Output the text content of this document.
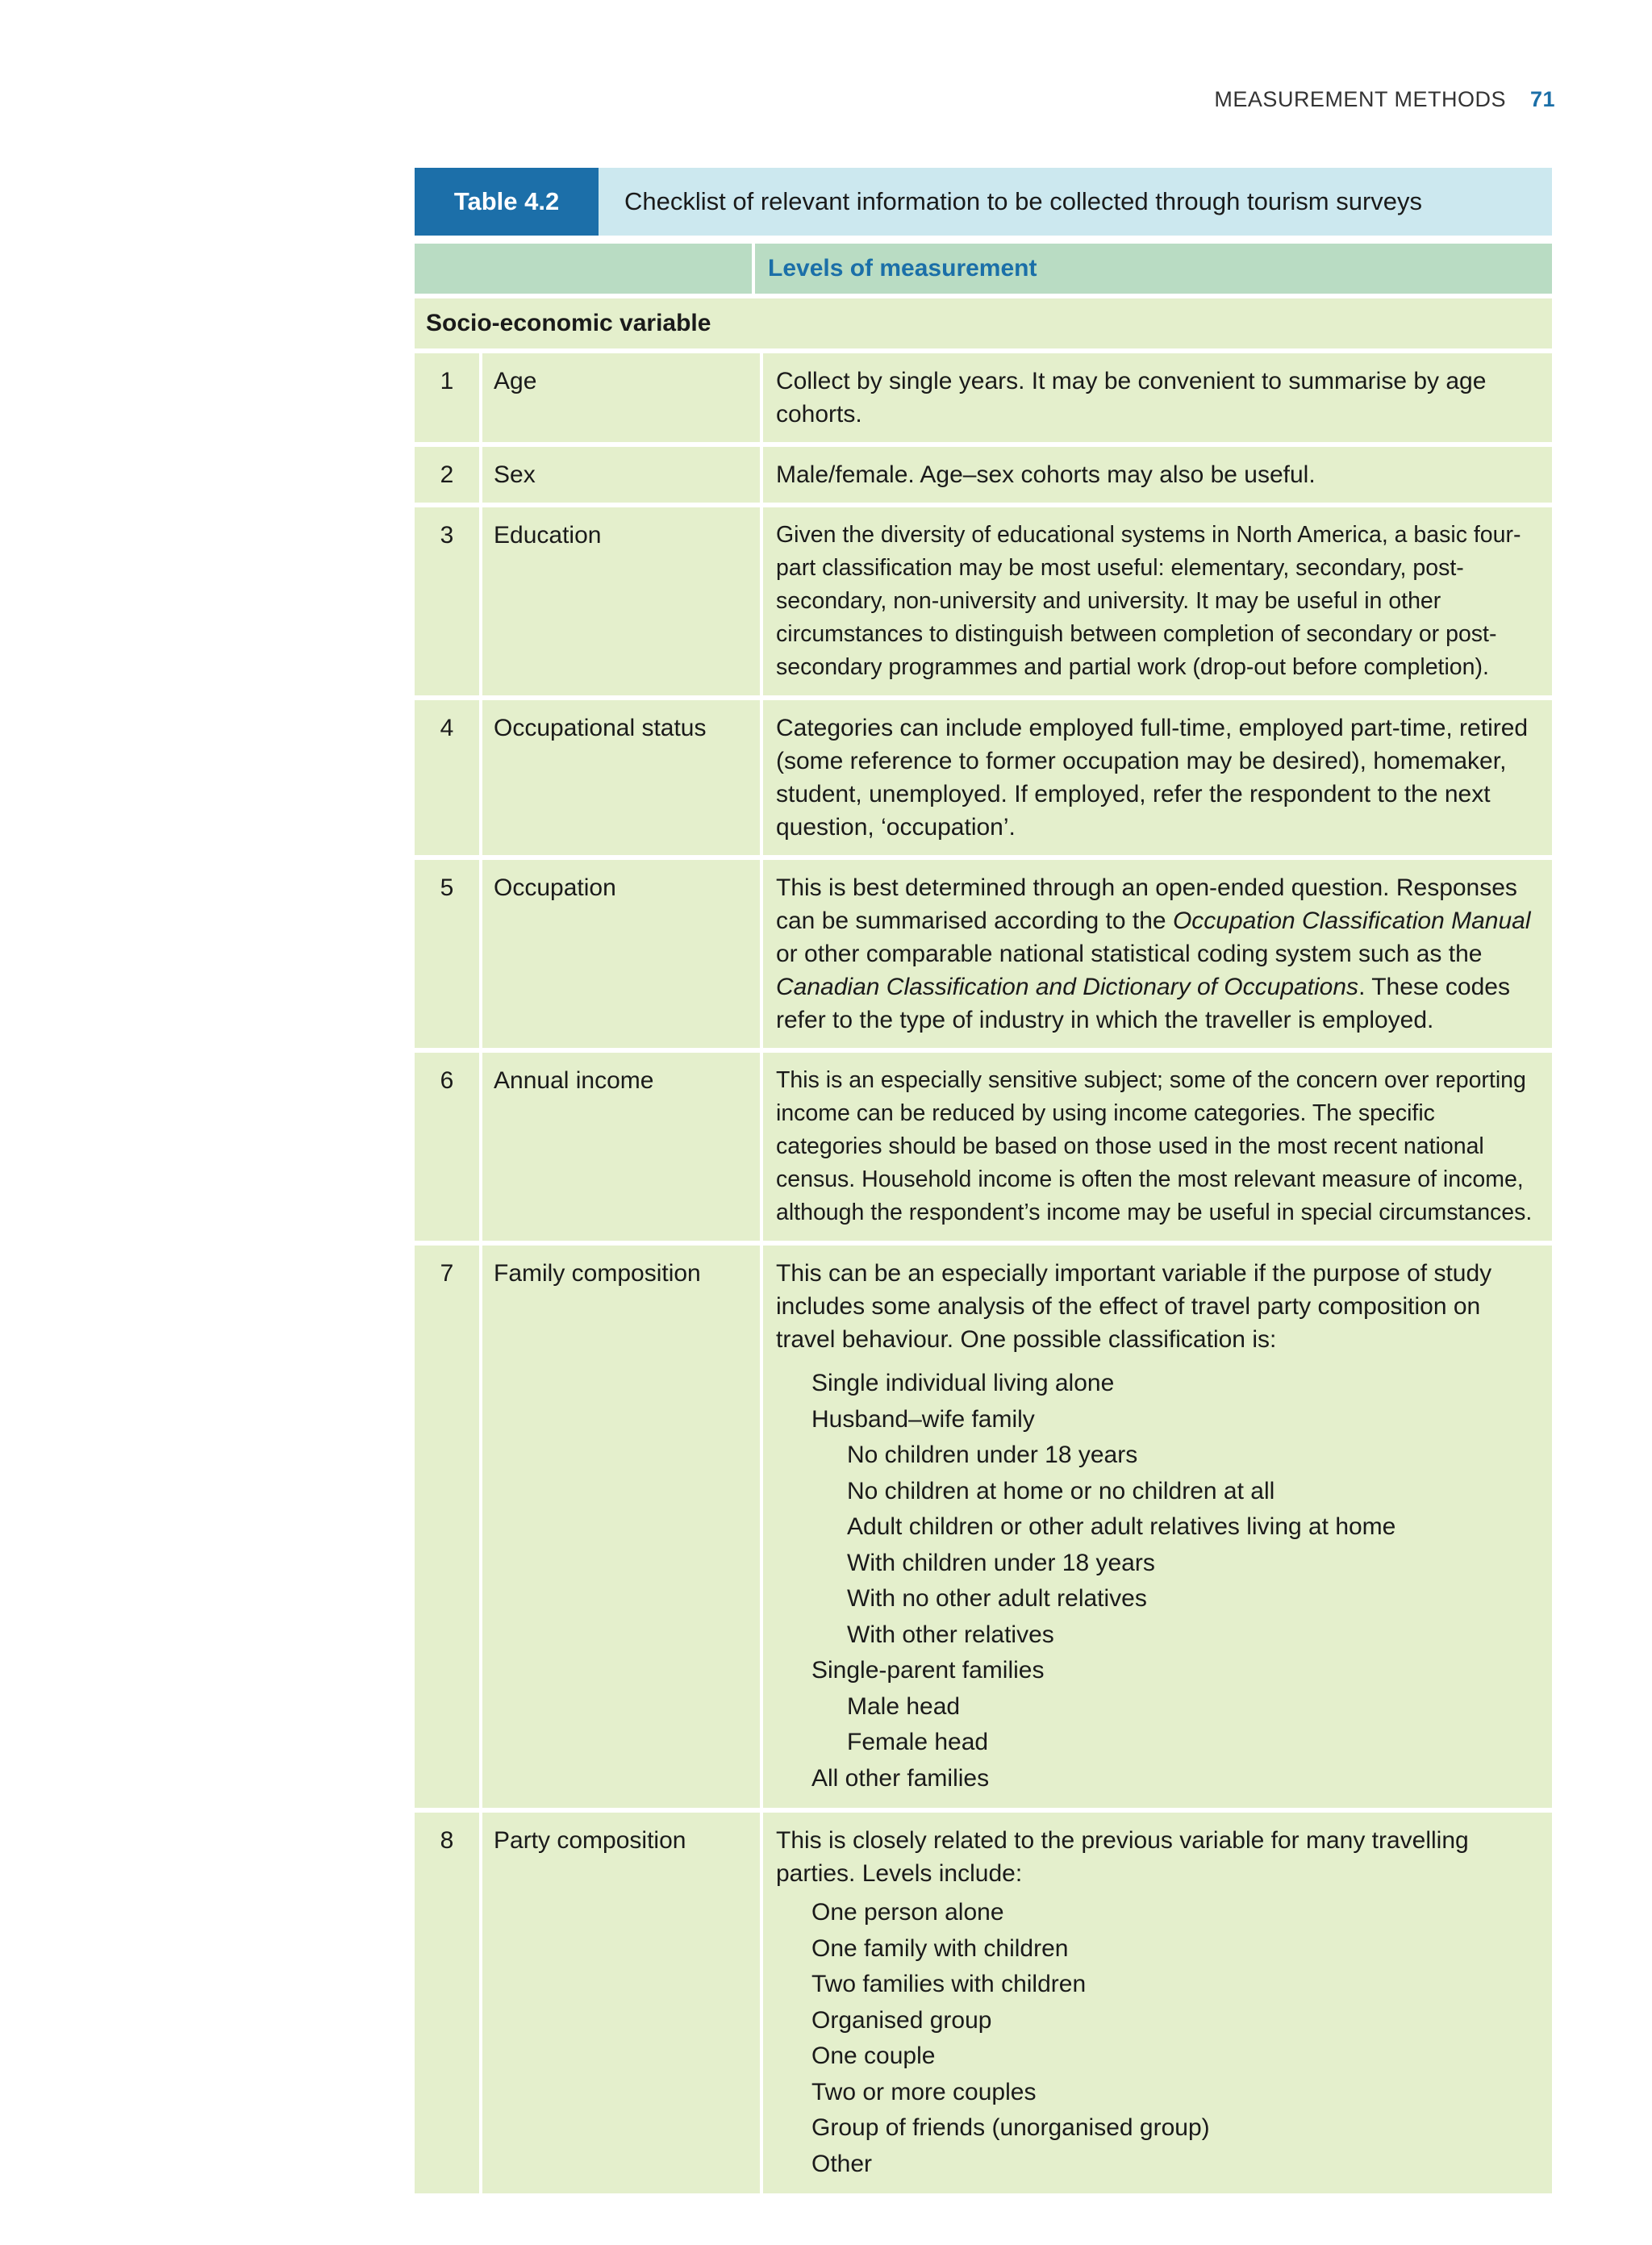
MEASUREMENT METHODS 71
Table 4.2	Checklist of relevant information to be collected through tourism surveys
Levels of measurement
Socio-economic variable
1	Age	Collect by single years. It may be convenient to summarise by age cohorts.
2	Sex	Male/female. Age–sex cohorts may also be useful.
3	Education	Given the diversity of educational systems in North America, a basic four-part classification may be most useful: elementary, secondary, post-secondary, non-university and university. It may be useful in other circumstances to distinguish between completion of secondary or post-secondary programmes and partial work (drop-out before completion).
4	Occupational status	Categories can include employed full-time, employed part-time, retired (some reference to former occupation may be desired), homemaker, student, unemployed. If employed, refer the respondent to the next question, ‘occupation’.
5	Occupation	This is best determined through an open-ended question. Responses can be summarised according to the Occupation Classification Manual or other comparable national statistical coding system such as the Canadian Classification and Dictionary of Occupations. These codes refer to the type of industry in which the traveller is employed.
6	Annual income	This is an especially sensitive subject; some of the concern over reporting income can be reduced by using income categories. The specific categories should be based on those used in the most recent national census. Household income is often the most relevant measure of income, although the respondent’s income may be useful in special circumstances.
7	Family composition	This can be an especially important variable if the purpose of study includes some analysis of the effect of travel party composition on travel behaviour. One possible classification is:
Single individual living alone
Husband–wife family
No children under 18 years
No children at home or no children at all
Adult children or other adult relatives living at home
With children under 18 years
With no other adult relatives
With other relatives
Single-parent families
Male head
Female head
All other families
8	Party composition	This is closely related to the previous variable for many travelling parties. Levels include:
One person alone
One family with children
Two families with children
Organised group
One couple
Two or more couples
Group of friends (unorganised group)
Other
